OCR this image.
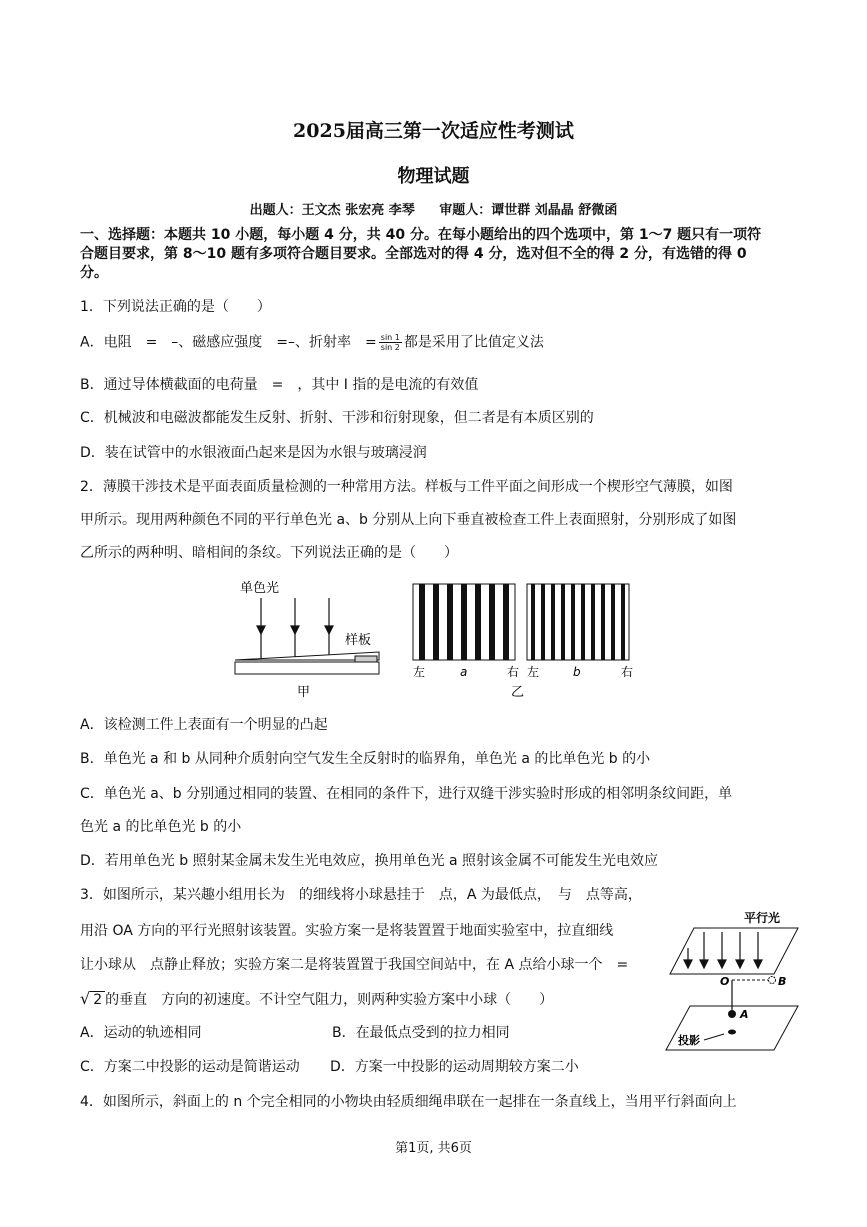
2025届高三第一次适应性考测试
物理试题
出题人：王文杰 张宏亮 李琴 审题人：谭世群 刘晶晶 舒微函
一、选择题：本题共 10 小题，每小题 4 分，共 40 分。在每小题给出的四个选项中，第 1～7 题只有一项符
合题目要求，第 8～10 题有多项符合题目要求。全部选对的得 4 分，选对但不全的得 2 分，有选错的得 0
分。
1．下列说法正确的是（　　）
A．电阻　=　–、磁感应强度　=–、折射率　= $\frac{\sin 1}{\sin 2}$ 都是采用了比值定义法
B．通过导体横截面的电荷量　=　，其中 I 指的是电流的有效值
C．机械波和电磁波都能发生反射、折射、干涉和衍射现象，但二者是有本质区别的
D．装在试管中的水银液面凸起来是因为水银与玻璃浸润
2．薄膜干涉技术是平面表面质量检测的一种常用方法。样板与工件平面之间形成一个楔形空气薄膜，如图
甲所示。现用两种颜色不同的平行单色光 a、b 分别从上向下垂直被检查工件上表面照射，分别形成了如图
乙所示的两种明、暗相间的条纹。下列说法正确的是（　　）
单色光
样板
甲
左	a	右 左	b	右
乙
A．该检测工件上表面有一个明显的凸起
B．单色光 a 和 b 从同种介质射向空气发生全反射时的临界角，单色光 a 的比单色光 b 的小
C．单色光 a、b 分别通过相同的装置、在相同的条件下，进行双缝干涉实验时形成的相邻明条纹间距，单
色光 a 的比单色光 b 的小
D．若用单色光 b 照射某金属未发生光电效应，换用单色光 a 照射该金属不可能发生光电效应
3．如图所示，某兴趣小组用长为　的细线将小球悬挂于　点，A 为最低点，　与　点等高，
用沿 OA 方向的平行光照射该装置。实验方案一是将装置置于地面实验室中，拉直细线
让小球从　点静止释放；实验方案二是将装置置于我国空间站中，在 A 点给小球一个　=
√ 2 的垂直　方向的初速度。不计空气阻力，则两种实验方案中小球（　　）
A．运动的轨迹相同	B．在最低点受到的拉力相同
C．方案二中投影的运动是简谐运动 D．方案一中投影的运动周期较方案二小
平行光
O	B
A
投影
4．如图所示，斜面上的 n 个完全相同的小物块由轻质细绳串联在一起排在一条直线上，当用平行斜面向上
第1页, 共6页
